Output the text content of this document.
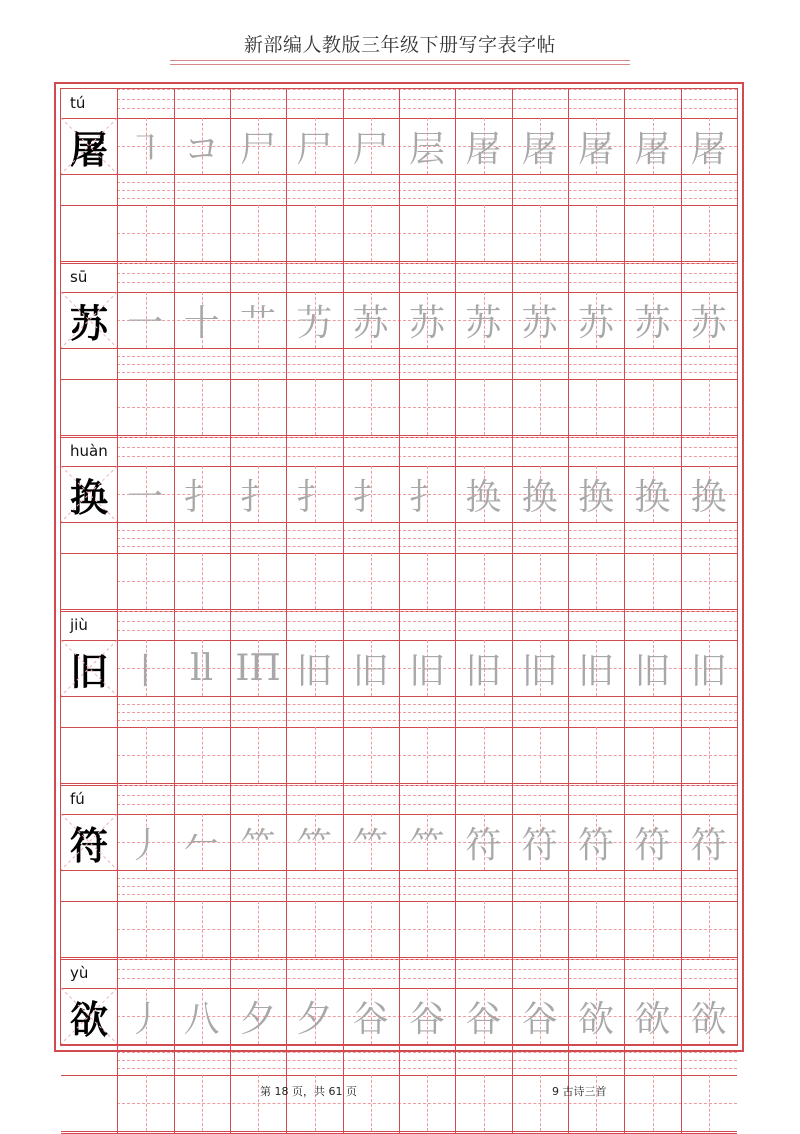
新部编人教版三年级下册写字表字帖
tú
屠 ㇕ コ 尸 尸 尸 层 屠 屠 屠 屠 屠
sū
苏 一 十 艹 艻 苏 苏 苏 苏 苏 苏 苏
huàn
换 一 扌 扌 扌 扌 扌 换 换 换 换 换
jiù
旧 丨 ll IΠ 旧 旧 旧 旧 旧 旧 旧 旧
fú
符 丿 𠂉 ⺮ ⺮ ⺮ ⺮ 符 符 符 符 符
yù
欲 丿 八 夕 夕 谷 谷 谷 谷 欲 欲 欲
第 18 页，共 61 页	9 古诗三首
